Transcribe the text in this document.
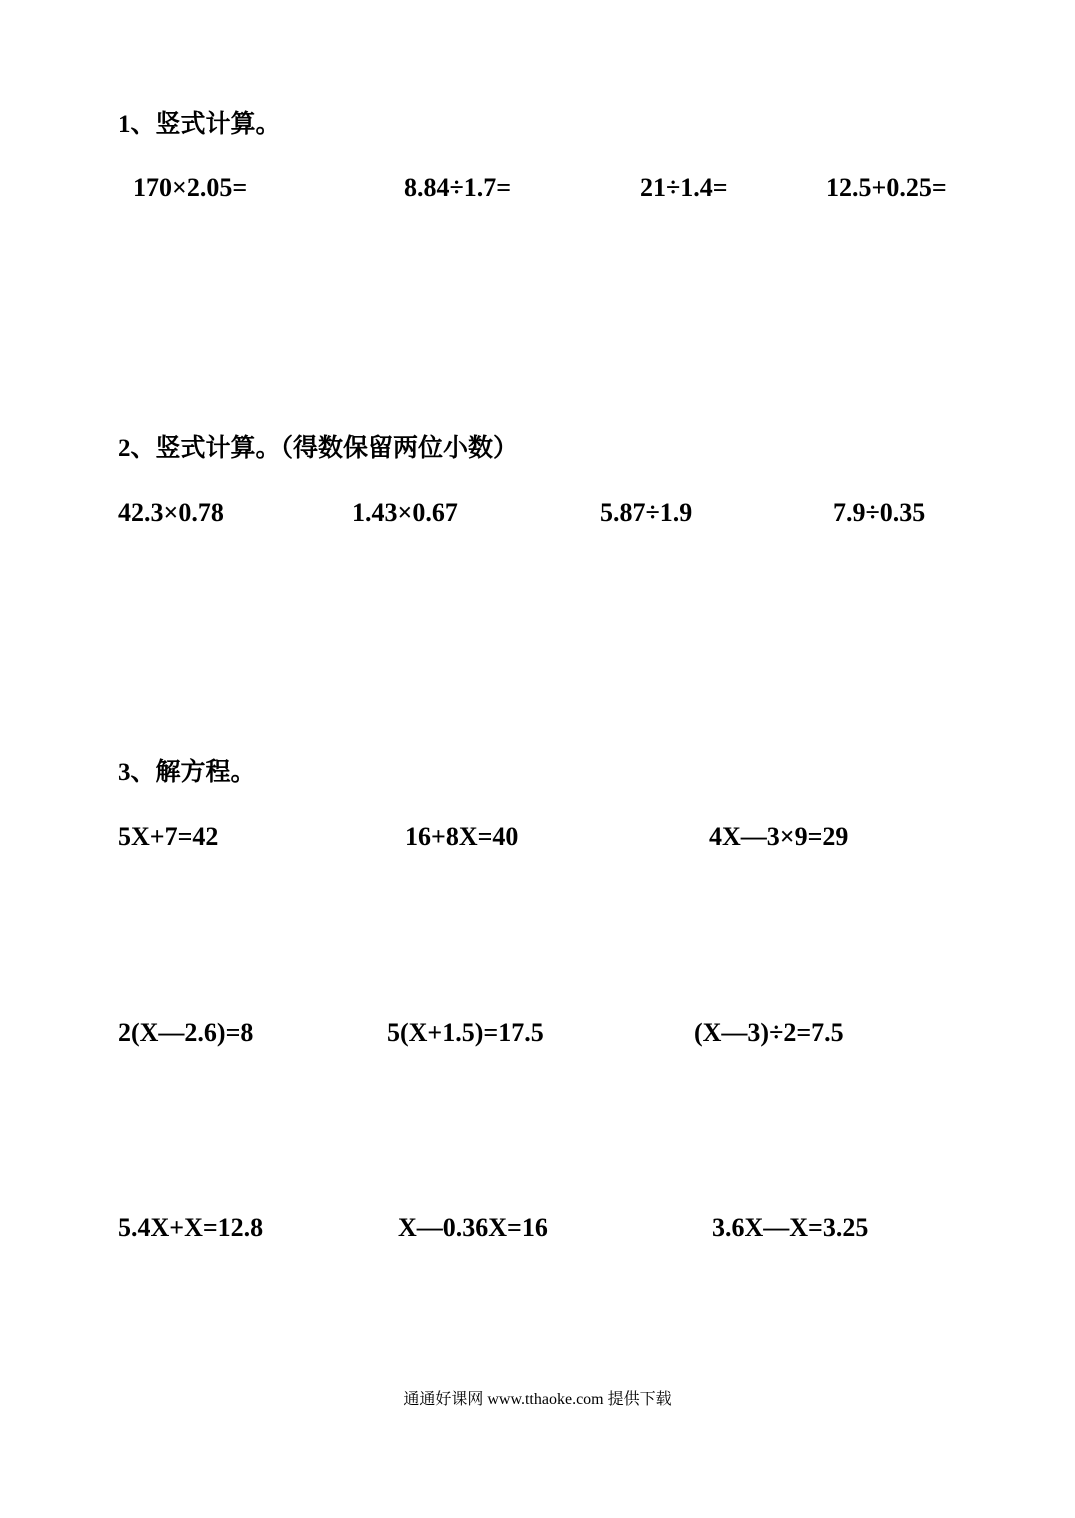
1、竖式计算。
170×2.05=	8.84÷1.7=	21÷1.4=	12.5+0.25=
2、竖式计算。（得数保留两位小数）
42.3×0.78	1.43×0.67	5.87÷1.9	7.9÷0.35
3、解方程。
5X+7=42	16+8X=40	4X—3×9=29
2(X—2.6)=8	5(X+1.5)=17.5	(X—3)÷2=7.5
5.4X+X=12.8	X—0.36X=16	3.6X—X=3.25
通通好课网 www.tthaoke.com 提供下载
